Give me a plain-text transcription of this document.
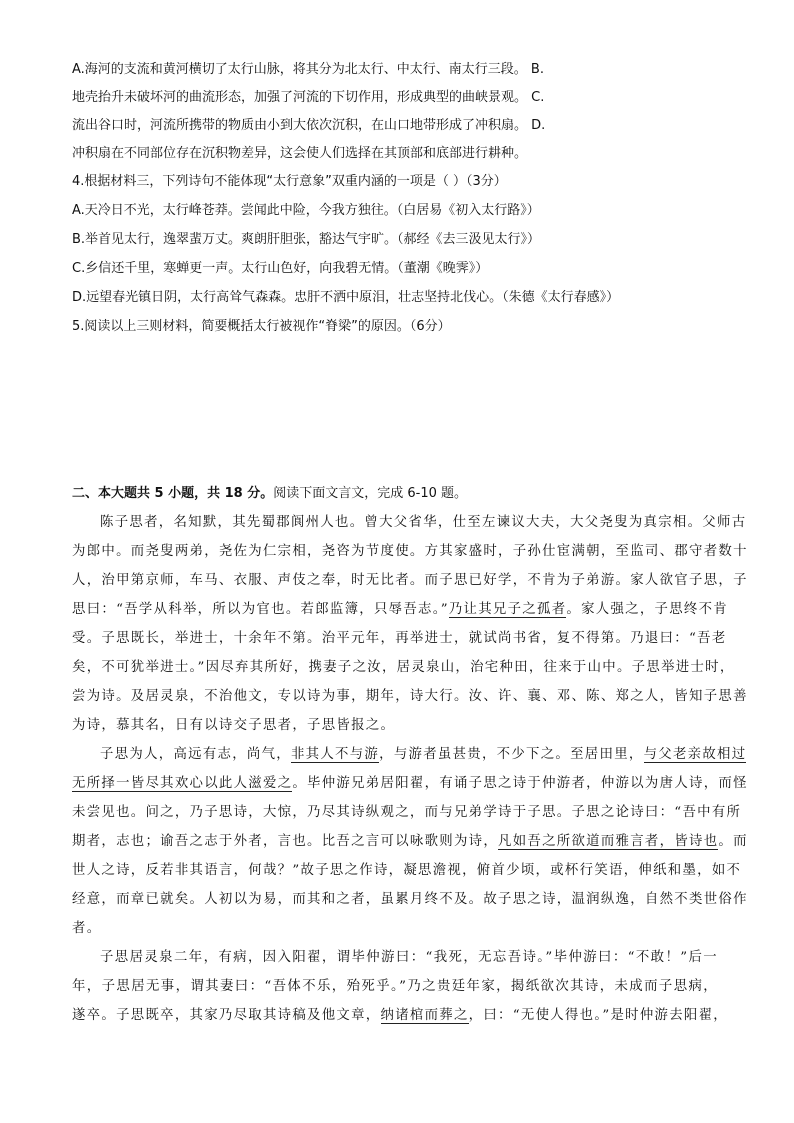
A.海河的支流和黄河横切了太行山脉，将其分为北太行、中太行、南太行三段。 B.
地壳抬升未破坏河的曲流形态，加强了河流的下切作用，形成典型的曲峡景观。 C.
流出谷口时，河流所携带的物质由小到大依次沉积，在山口地带形成了冲积扇。 D.
冲积扇在不同部位存在沉积物差异，这会使人们选择在其顶部和底部进行耕种。
4.根据材料三，下列诗句不能体现“太行意象”双重内涵的一项是（ ）（3分）
A.天冷日不光，太行峰苍莽。尝闻此中险，今我方独往。（白居易《初入太行路》）
B.举首见太行，逸翠蜚万丈。爽朗肝胆张，豁达气宇旷。（郝经《去三汲见太行》）
C.乡信还千里，寒蝉更一声。太行山色好，向我碧无情。（董潮《晚霁》）
D.远望春光镇日阴，太行高耸气森森。忠肝不洒中原泪，壮志坚持北伐心。（朱德《太行春感》）
5.阅读以上三则材料，简要概括太行被视作“脊梁”的原因。（6分）
二、本大题共 5 小题，共 18 分。阅读下面文言文，完成 6-10 题。
陈子思者，名知默，其先蜀郡阆州人也。曾大父省华，仕至左谏议大夫，大父尧叟为真宗相。父师古
为郎中。而尧叟两弟，尧佐为仁宗相，尧咨为节度使。方其家盛时，子孙仕宦满朝，至监司、郡守者数十
人，治甲第京师，车马、衣服、声伎之奉，时无比者。而子思已好学，不肯为子弟游。家人欲官子思，子
思曰：“吾学从科举，所以为官也。若郎监簿，只辱吾志。”乃让其兄子之孤者。家人强之，子思终不肯
受。子思既长，举进士，十余年不第。治平元年，再举进士，就试尚书省，复不得第。乃退曰：“吾老
矣，不可犹举进士。”因尽弃其所好，携妻子之汝，居灵泉山，治宅种田，往来于山中。子思举进士时，
尝为诗。及居灵泉，不治他文，专以诗为事，期年，诗大行。汝、许、襄、邓、陈、郑之人，皆知子思善
为诗，慕其名，日有以诗交子思者，子思皆报之。
子思为人，高远有志，尚气，非其人不与游，与游者虽甚贵，不少下之。至居田里，与父老亲故相过
无所择一皆尽其欢心以此人滋爱之。毕仲游兄弟居阳翟，有诵子思之诗于仲游者，仲游以为唐人诗，而怪
未尝见也。问之，乃子思诗，大惊，乃尽其诗纵观之，而与兄弟学诗于子思。子思之论诗曰：“吾中有所
期者，志也；谕吾之志于外者，言也。比吾之言可以咏歌则为诗，凡如吾之所欲道而雅言者，皆诗也。而
世人之诗，反若非其语言，何哉？”故子思之作诗，凝思澹视，俯首少顷，或杯行笑语，伸纸和墨，如不
经意，而章已就矣。人初以为易，而其和之者，虽累月终不及。故子思之诗，温润纵逸，自然不类世俗作
者。
子思居灵泉二年，有病，因入阳翟，谓毕仲游曰：“我死，无忘吾诗。”毕仲游曰：“不敢！”后一
年，子思居无事，谓其妻曰：“吾体不乐，殆死乎。”乃之贵廷年家，揭纸欲次其诗，未成而子思病，
遂卒。子思既卒，其家乃尽取其诗稿及他文章，纳诸棺而葬之，曰：“无使人得也。”是时仲游去阳翟，
